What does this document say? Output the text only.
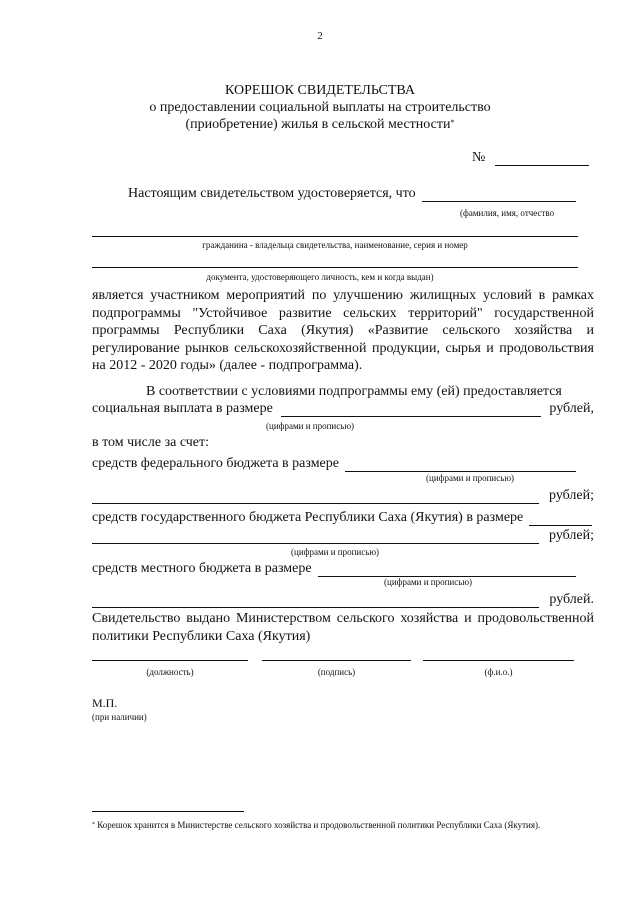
2
КОРЕШОК СВИДЕТЕЛЬСТВА
о предоставлении социальной выплаты на строительство
(приобретение) жилья в сельской местности*
№
Настоящим свидетельством удостоверяется, что
(фамилия, имя, отчество
гражданина - владельца свидетельства, наименование, серия и номер
документа, удостоверяющего личность, кем и когда выдан)
является участником мероприятий по улучшению жилищных условий в рамках подпрограммы "Устойчивое развитие сельских территорий" государственной программы Республики Саха (Якутия) «Развитие сельского хозяйства и регулирование рынков сельскохозяйственной продукции, сырья и продовольствия на 2012 - 2020 годы» (далее - подпрограмма).
В соответствии с условиями подпрограммы ему (ей) предоставляется
социальная выплата в размере	рублей,
(цифрами и прописью)
в том числе за счет:
средств федерального бюджета в размере
(цифрами и прописью)
рублей;
средств государственного бюджета Республики Саха (Якутия) в размере
рублей;
(цифрами и прописью)
средств местного бюджета в размере
(цифрами и прописью)
рублей.
Свидетельство выдано Министерством сельского хозяйства и продовольственной политики Республики Саха (Якутия)
(должность)	(подпись)	(ф.и.о.)
М.П.
(при наличии)
* Корешок хранится в Министерстве сельского хозяйства и продовольственной политики Республики Саха (Якутия).
